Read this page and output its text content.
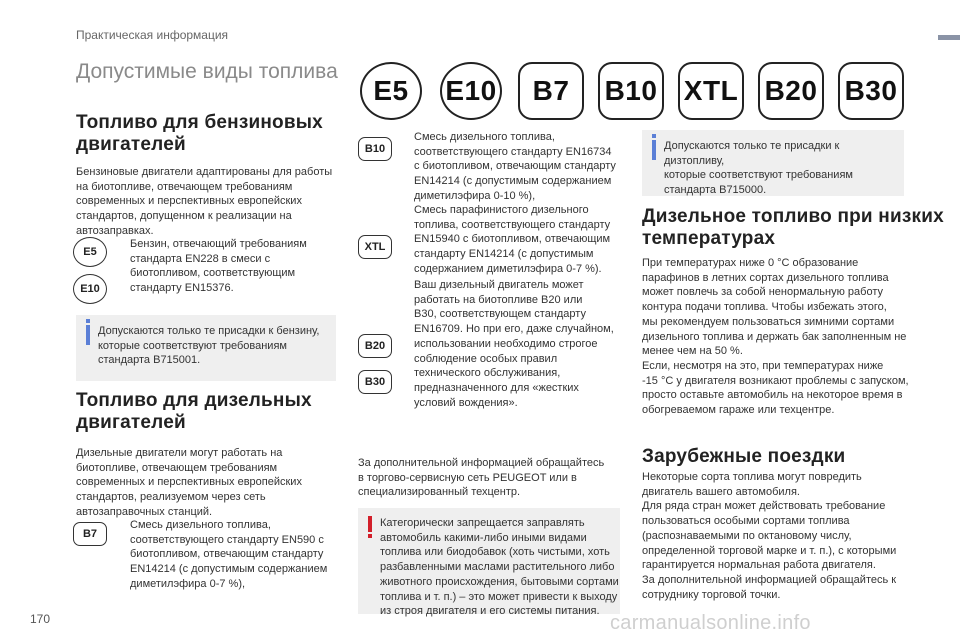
Практическая информация
Допустимые виды топлива
E5	E10	B7	B10 XTL B20 B30
Топливо для бензиновых
двигателей
Бензиновые двигатели адаптированы для работы
на биотопливе, отвечающем требованиям
современных и перспективных европейских
стандартов, допущенном к реализации на
автозаправках.
E5
E10
Бензин, отвечающий требованиям
стандарта EN228 в смеси с
биотопливом, соответствующим
стандарту EN15376.
Допускаются только те присадки к бензину,
которые соответствуют требованиям
стандарта B715001.
Топливо для дизельных
двигателей
Дизельные двигатели могут работать на
биотопливе, отвечающем требованиям
современных и перспективных европейских
стандартов, реализуемом через сеть
автозаправочных станций.
B7
Смесь дизельного топлива,
соответствующего стандарту EN590 с
биотопливом, отвечающим стандарту
EN14214 (с допустимым содержанием
диметилэфира 0-7 %),
B10
Смесь дизельного топлива,
соответствующего стандарту EN16734
с биотопливом, отвечающим стандарту
EN14214 (с допустимым содержанием
диметилэфира 0-10 %),
XTL
Смесь парафинистого дизельного
топлива, соответствующего стандарту
EN15940 с биотопливом, отвечающим
стандарту EN14214 (с допустимым
содержанием диметилэфира 0-7 %).
B20
B30
Ваш дизельный двигатель может
работать на биотопливе B20 или
B30, соответствующем стандарту
EN16709. Но при его, даже случайном,
использовании необходимо строгое
соблюдение особых правил
технического обслуживания,
предназначенного для «жестких
условий вождения».
За дополнительной информацией обращайтесь
в торгово-сервисную сеть PEUGEOT или в
специализированный техцентр.
Категорически запрещается заправлять
автомобиль какими-либо иными видами
топлива или биодобавок (хоть чистыми, хоть
разбавленными маслами растительного либо
животного происхождения, бытовыми сортами
топлива и т. п.) – это может привести к выходу
из строя двигателя и его системы питания.
Допускаются только те присадки к дизтопливу,
которые соответствуют требованиям
стандарта B715000.
Дизельное топливо при низких
температурах
При температурах ниже 0 °C образование
парафинов в летних сортах дизельного топлива
может повлечь за собой ненормальную работу
контура подачи топлива. Чтобы избежать этого,
мы рекомендуем пользоваться зимними сортами
дизельного топлива и держать бак заполненным не
менее чем на 50 %.
Если, несмотря на это, при температурах ниже
-15 °C у двигателя возникают проблемы с запуском,
просто оставьте автомобиль на некоторое время в
обогреваемом гараже или техцентре.
Зарубежные поездки
Некоторые сорта топлива могут повредить
двигатель вашего автомобиля.
Для ряда стран может действовать требование
пользоваться особыми сортами топлива
(распознаваемыми по октановому числу,
определенной торговой марке и т. п.), с которыми
гарантируется нормальная работа двигателя.
За дополнительной информацией обращайтесь к
сотруднику торговой точки.
170	carmanualsonline.info
